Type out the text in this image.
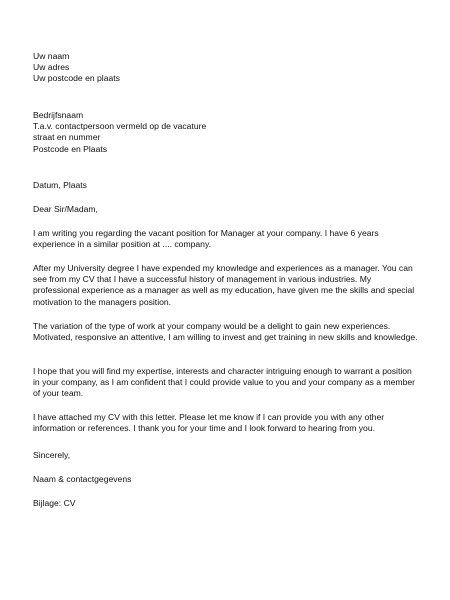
Uw naam
Uw adres
Uw postcode en plaats
Bedrijfsnaam
T.a.v. contactpersoon vermeld op de vacature
straat en nummer
Postcode en Plaats
Datum, Plaats
Dear Sir/Madam,

I am writing you regarding the vacant position for Manager at your company. I have 6 years experience in a similar position at .... company.

After my University degree I have expended my knowledge and experiences as a manager. You can see from my CV that I have a successful history of management in various industries. My professional experience as a manager as well as my education, have given me the skills and special motivation to the managers position.

The variation of the type of work at your company would be a delight to gain new experiences. Motivated, responsive an attentive, I am willing to invest and get training in new skills and knowledge.

I hope that you will find my expertise, interests and character intriguing enough to warrant a position in your company, as I am confident that I could provide value to you and your company as a member of your team.

I have attached my CV with this letter. Please let me know if I can provide you with any other information or references. I thank you for your time and I look forward to hearing from you.

Sincerely,
Naam & contactgegevens
Bijlage: CV
